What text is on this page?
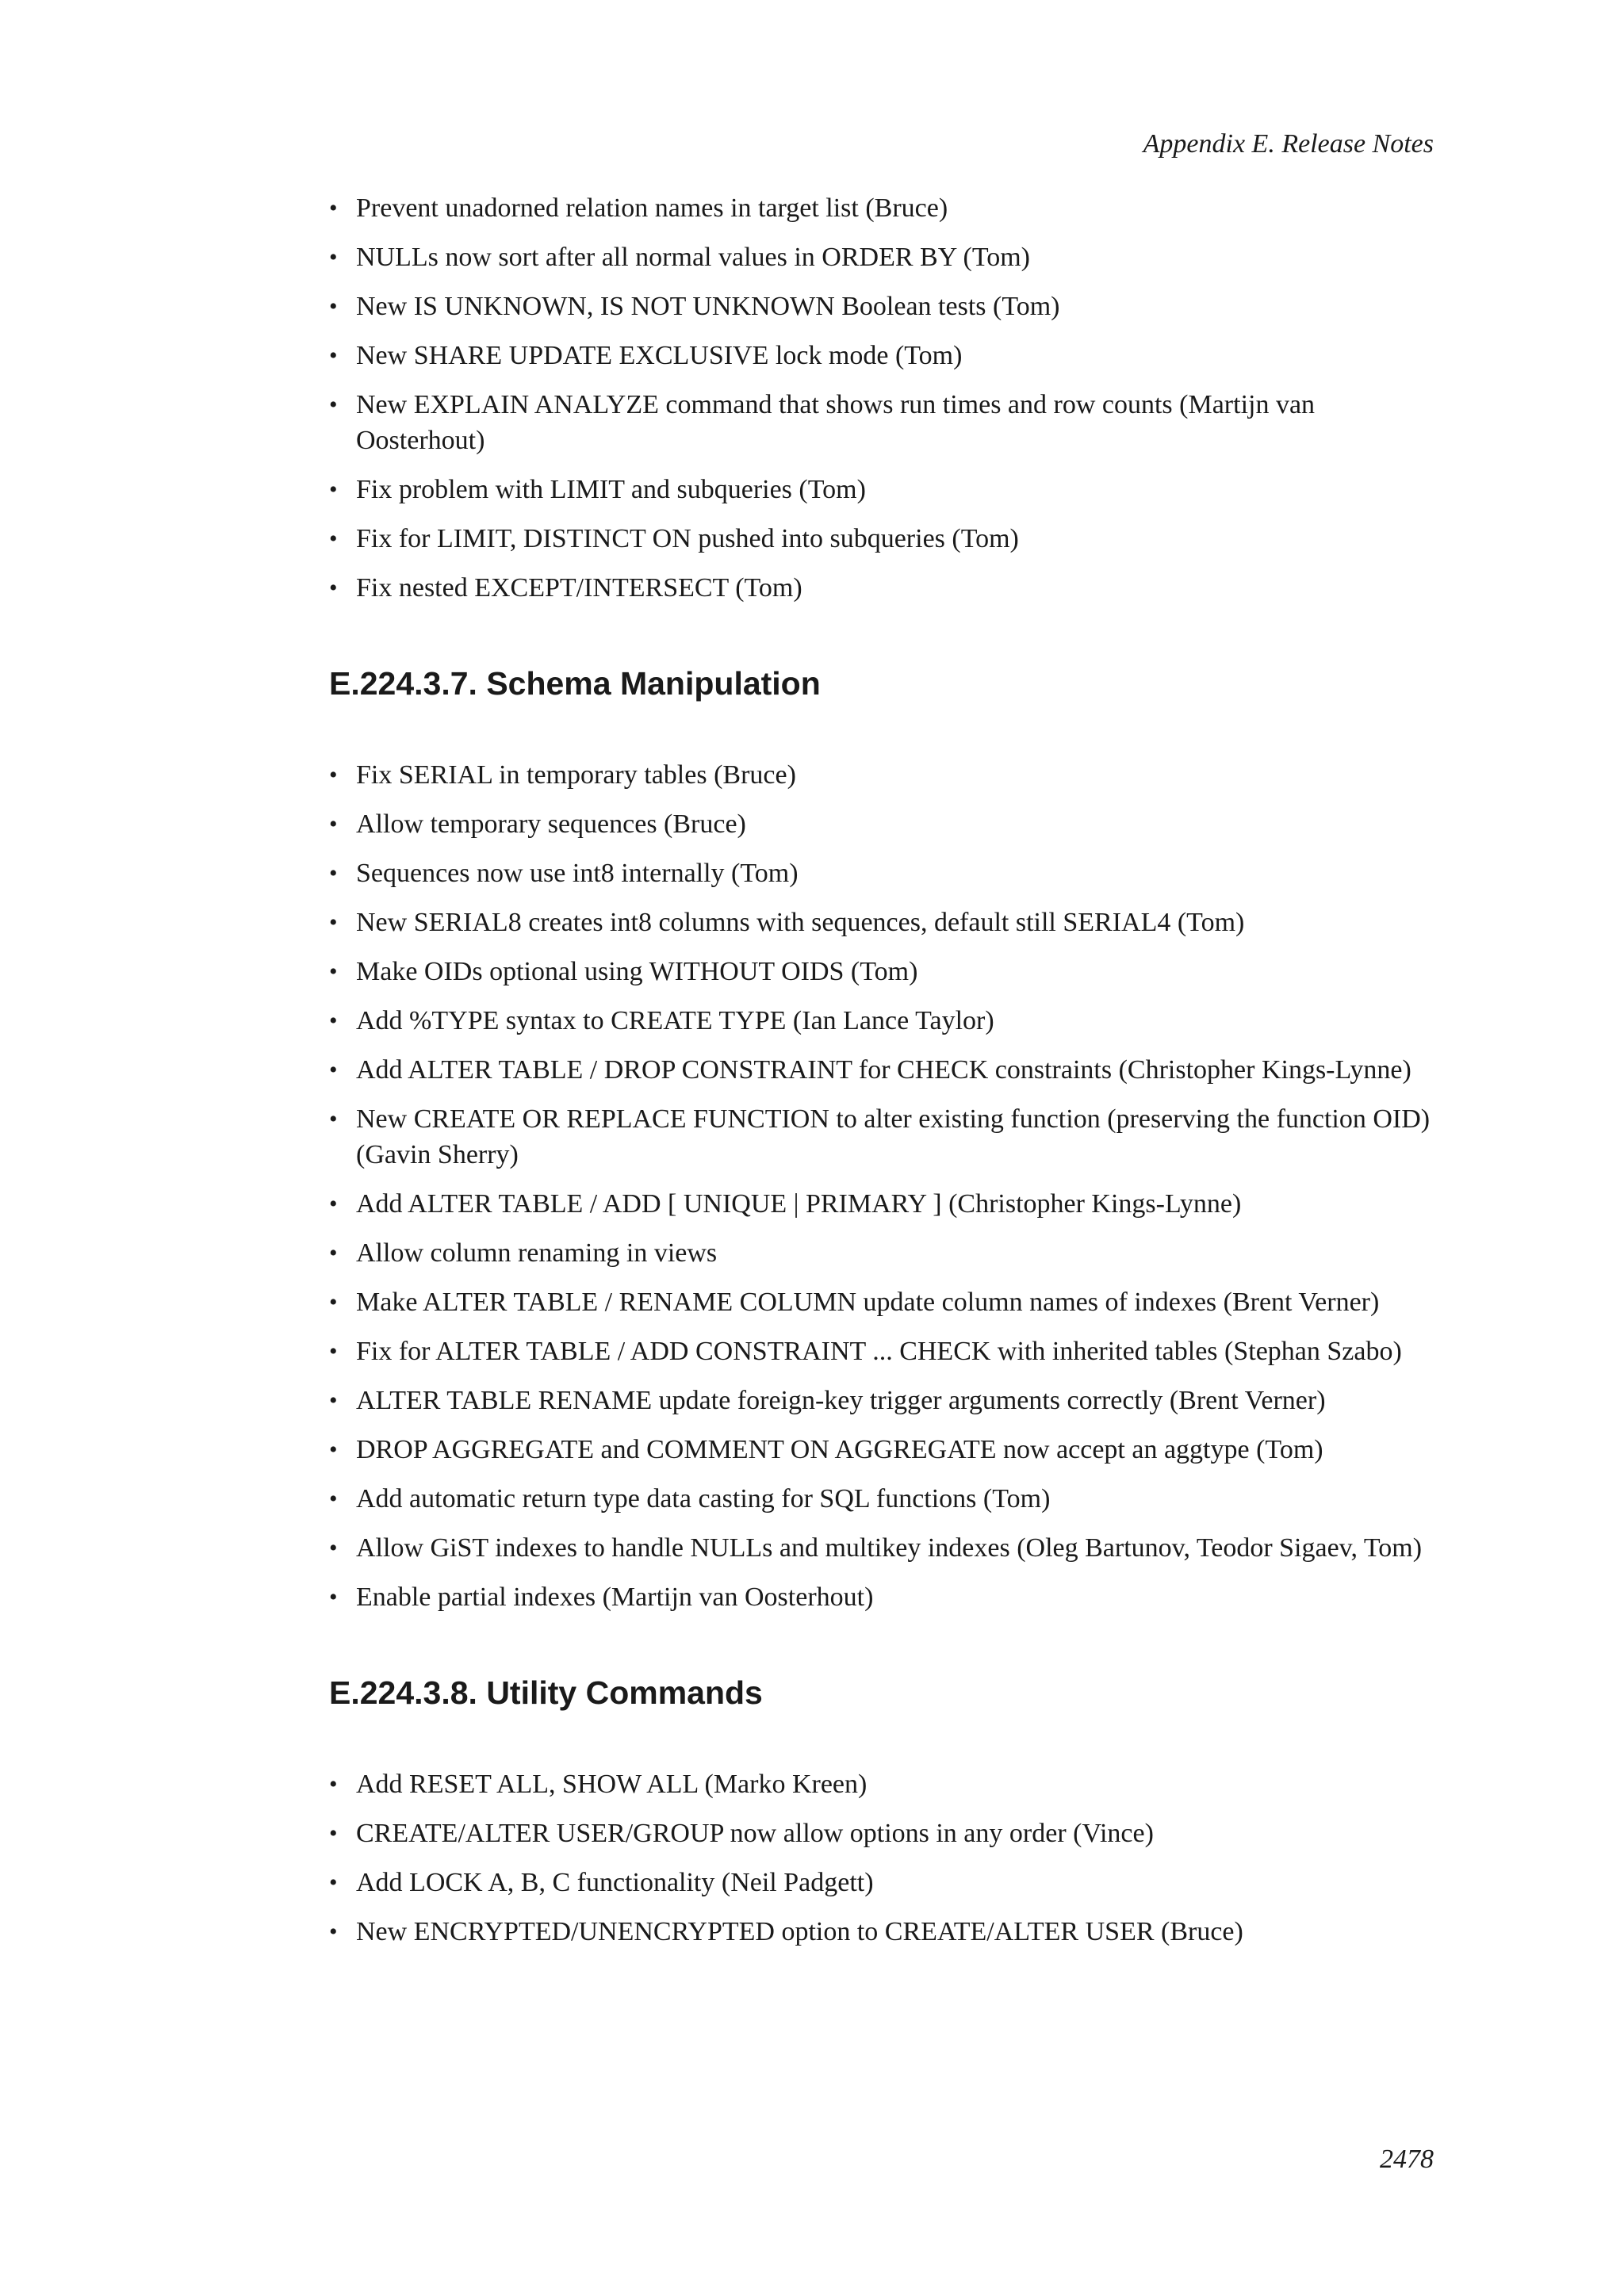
Appendix E. Release Notes
• Prevent unadorned relation names in target list (Bruce)
• NULLs now sort after all normal values in ORDER BY (Tom)
• New IS UNKNOWN, IS NOT UNKNOWN Boolean tests (Tom)
• New SHARE UPDATE EXCLUSIVE lock mode (Tom)
• New EXPLAIN ANALYZE command that shows run times and row counts (Martijn van Oosterhout)
• Fix problem with LIMIT and subqueries (Tom)
• Fix for LIMIT, DISTINCT ON pushed into subqueries (Tom)
• Fix nested EXCEPT/INTERSECT (Tom)
E.224.3.7. Schema Manipulation
• Fix SERIAL in temporary tables (Bruce)
• Allow temporary sequences (Bruce)
• Sequences now use int8 internally (Tom)
• New SERIAL8 creates int8 columns with sequences, default still SERIAL4 (Tom)
• Make OIDs optional using WITHOUT OIDS (Tom)
• Add %TYPE syntax to CREATE TYPE (Ian Lance Taylor)
• Add ALTER TABLE / DROP CONSTRAINT for CHECK constraints (Christopher Kings-Lynne)
• New CREATE OR REPLACE FUNCTION to alter existing function (preserving the function OID) (Gavin Sherry)
• Add ALTER TABLE / ADD [ UNIQUE | PRIMARY ] (Christopher Kings-Lynne)
• Allow column renaming in views
• Make ALTER TABLE / RENAME COLUMN update column names of indexes (Brent Verner)
• Fix for ALTER TABLE / ADD CONSTRAINT ... CHECK with inherited tables (Stephan Szabo)
• ALTER TABLE RENAME update foreign-key trigger arguments correctly (Brent Verner)
• DROP AGGREGATE and COMMENT ON AGGREGATE now accept an aggtype (Tom)
• Add automatic return type data casting for SQL functions (Tom)
• Allow GiST indexes to handle NULLs and multikey indexes (Oleg Bartunov, Teodor Sigaev, Tom)
• Enable partial indexes (Martijn van Oosterhout)
E.224.3.8. Utility Commands
• Add RESET ALL, SHOW ALL (Marko Kreen)
• CREATE/ALTER USER/GROUP now allow options in any order (Vince)
• Add LOCK A, B, C functionality (Neil Padgett)
• New ENCRYPTED/UNENCRYPTED option to CREATE/ALTER USER (Bruce)
2478
